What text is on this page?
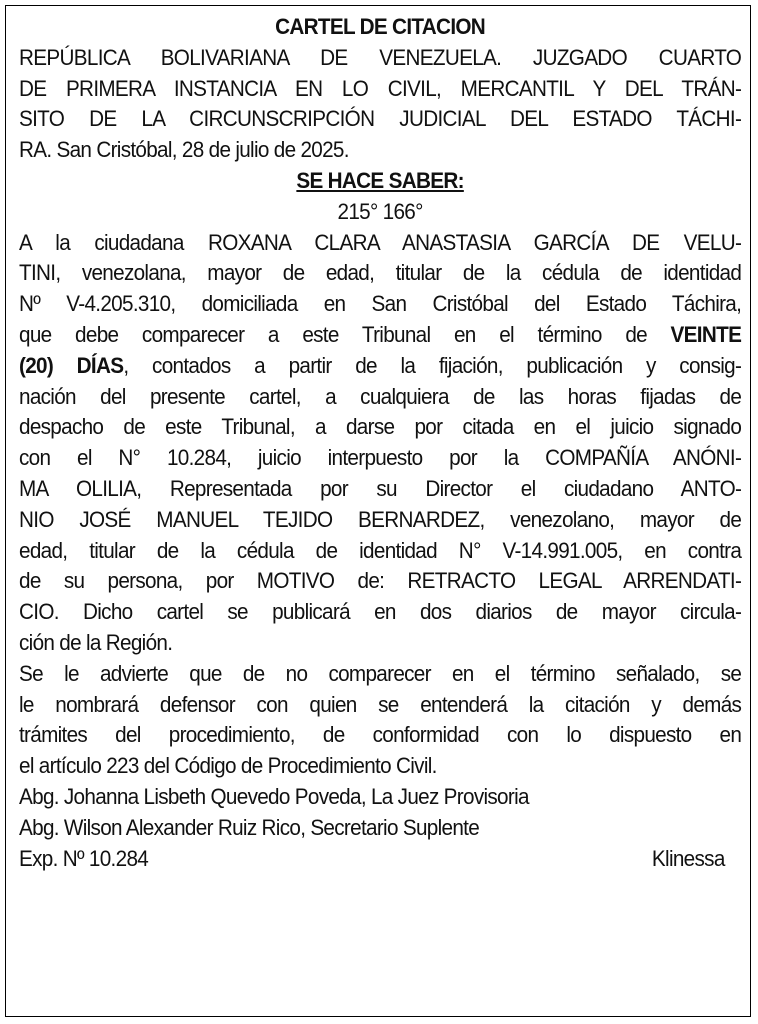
CARTEL DE CITACION
REPÚBLICA BOLIVARIANA DE VENEZUELA. JUZGADO CUARTO
DE PRIMERA INSTANCIA EN LO CIVIL, MERCANTIL Y DEL TRÁN-
SITO DE LA CIRCUNSCRIPCIÓN JUDICIAL DEL ESTADO TÁCHI-
RA. San Cristóbal, 28 de julio de 2025.
SE HACE SABER:
215° 166°
A la ciudadana ROXANA CLARA ANASTASIA GARCÍA DE VELU-
TINI, venezolana, mayor de edad, titular de la cédula de identidad
Nº V-4.205.310, domiciliada en San Cristóbal del Estado Táchira,
que debe comparecer a este Tribunal en el término de VEINTE
(20) DÍAS, contados a partir de la fijación, publicación y consig-
nación del presente cartel, a cualquiera de las horas fijadas de
despacho de este Tribunal, a darse por citada en el juicio signado
con el N° 10.284, juicio interpuesto por la COMPAÑÍA ANÓNI-
MA OLILIA, Representada por su Director el ciudadano ANTO-
NIO JOSÉ MANUEL TEJIDO BERNARDEZ, venezolano, mayor de
edad, titular de la cédula de identidad N° V-14.991.005, en contra
de su persona, por MOTIVO de: RETRACTO LEGAL ARRENDATI-
CIO. Dicho cartel se publicará en dos diarios de mayor circula-
ción de la Región.
Se le advierte que de no comparecer en el término señalado, se
le nombrará defensor con quien se entenderá la citación y demás
trámites del procedimiento, de conformidad con lo dispuesto en
el artículo 223 del Código de Procedimiento Civil.
Abg. Johanna Lisbeth Quevedo Poveda, La Juez Provisoria
Abg. Wilson Alexander Ruiz Rico, Secretario Suplente
Exp. Nº 10.284	Klinessa
